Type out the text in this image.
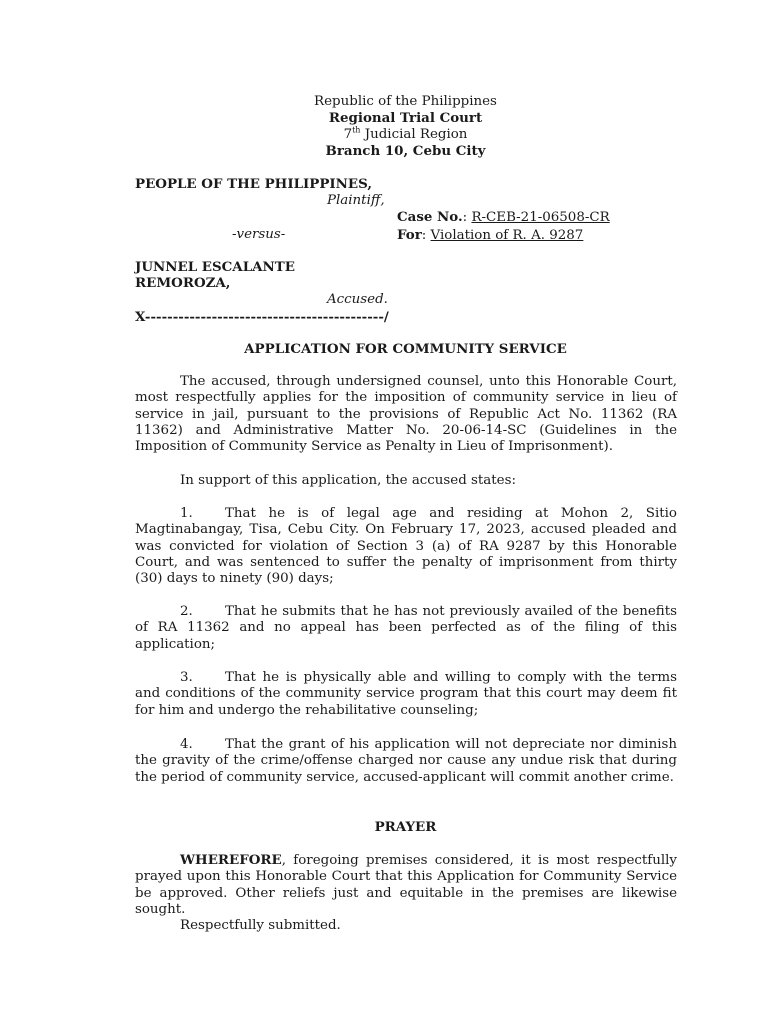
Republic of the Philippines
Regional Trial Court
7th Judicial Region
Branch 10, Cebu City
PEOPLE OF THE PHILIPPINES,
Plaintiff,
Case No.: R-CEB-21-06508-CR
-versus-	For: Violation of R. A. 9287
JUNNEL ESCALANTE
REMOROZA,
Accused.
X-------------------------------------------/
APPLICATION FOR COMMUNITY SERVICE

The accused, through undersigned counsel, unto this Honorable Court, most respectfully applies for the imposition of community service in lieu of service in jail, pursuant to the provisions of Republic Act No. 11362 (RA 11362) and Administrative Matter No. 20-06-14-SC (Guidelines in the Imposition of Community Service as Penalty in Lieu of Imprisonment).

In support of this application, the accused states:

1. That he is of legal age and residing at Mohon 2, Sitio Magtinabangay, Tisa, Cebu City. On February 17, 2023, accused pleaded and was convicted for violation of Section 3 (a) of RA 9287 by this Honorable Court, and was sentenced to suffer the penalty of imprisonment from thirty (30) days to ninety (90) days;

2. That he submits that he has not previously availed of the benefits of RA 11362 and no appeal has been perfected as of the filing of this application;

3. That he is physically able and willing to comply with the terms and conditions of the community service program that this court may deem fit for him and undergo the rehabilitative counseling;

4. That the grant of his application will not depreciate nor diminish the gravity of the crime/offense charged nor cause any undue risk that during the period of community service, accused-applicant will commit another crime.

PRAYER

WHEREFORE, foregoing premises considered, it is most respectfully prayed upon this Honorable Court that this Application for Community Service be approved. Other reliefs just and equitable in the premises are likewise sought.

Respectfully submitted.
